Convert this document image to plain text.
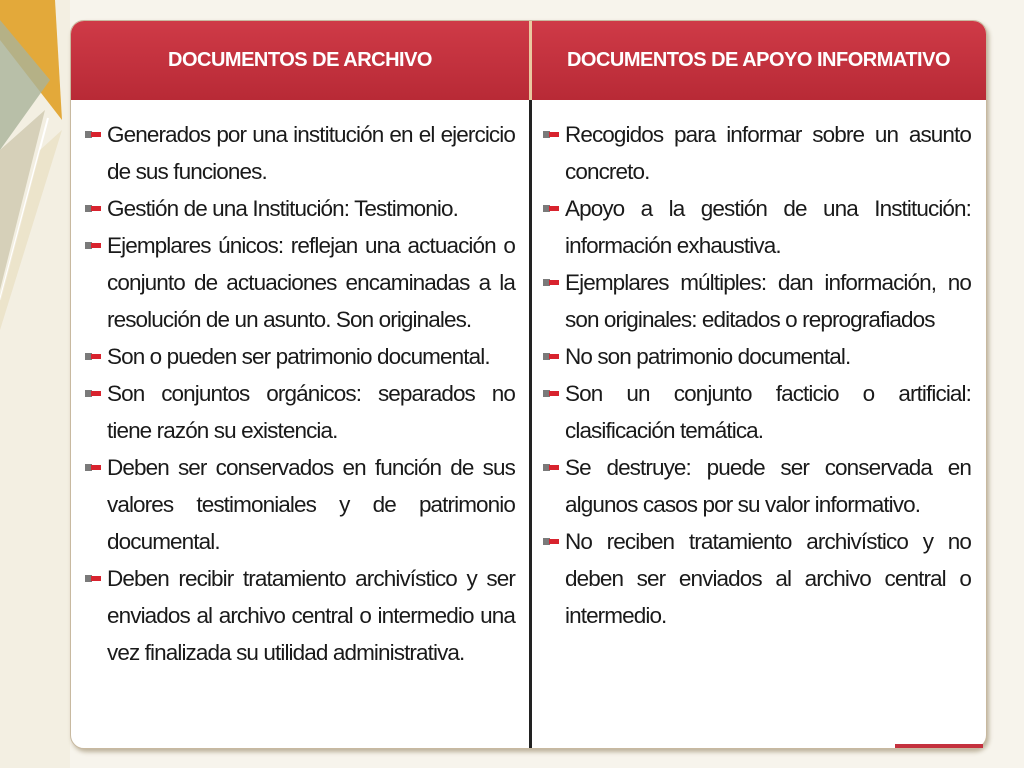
DOCUMENTOS DE ARCHIVO	DOCUMENTOS DE APOYO INFORMATIVO
Generados por una institución en el ejercicio de sus funciones.
Gestión de una Institución: Testimonio.
Ejemplares únicos: reflejan una actuación o conjunto de actuaciones encaminadas a la resolución de un asunto. Son originales.
Son o pueden ser patrimonio documental.
Son conjuntos orgánicos: separados no tiene razón su existencia.
Deben ser conservados en función de sus valores testimoniales y de patrimonio documental.
Deben recibir tratamiento archivístico y ser enviados al archivo central o intermedio una vez finalizada su utilidad administrativa.
Recogidos para informar sobre un asunto concreto.
Apoyo a la gestión de una Institución: información exhaustiva.
Ejemplares múltiples: dan información, no son originales: editados o reprografiados
No son patrimonio documental.
Son un conjunto facticio o artificial: clasificación temática.
Se destruye: puede ser conservada en algunos casos por su valor informativo.
No reciben tratamiento archivístico y no deben ser enviados al archivo central o intermedio.
